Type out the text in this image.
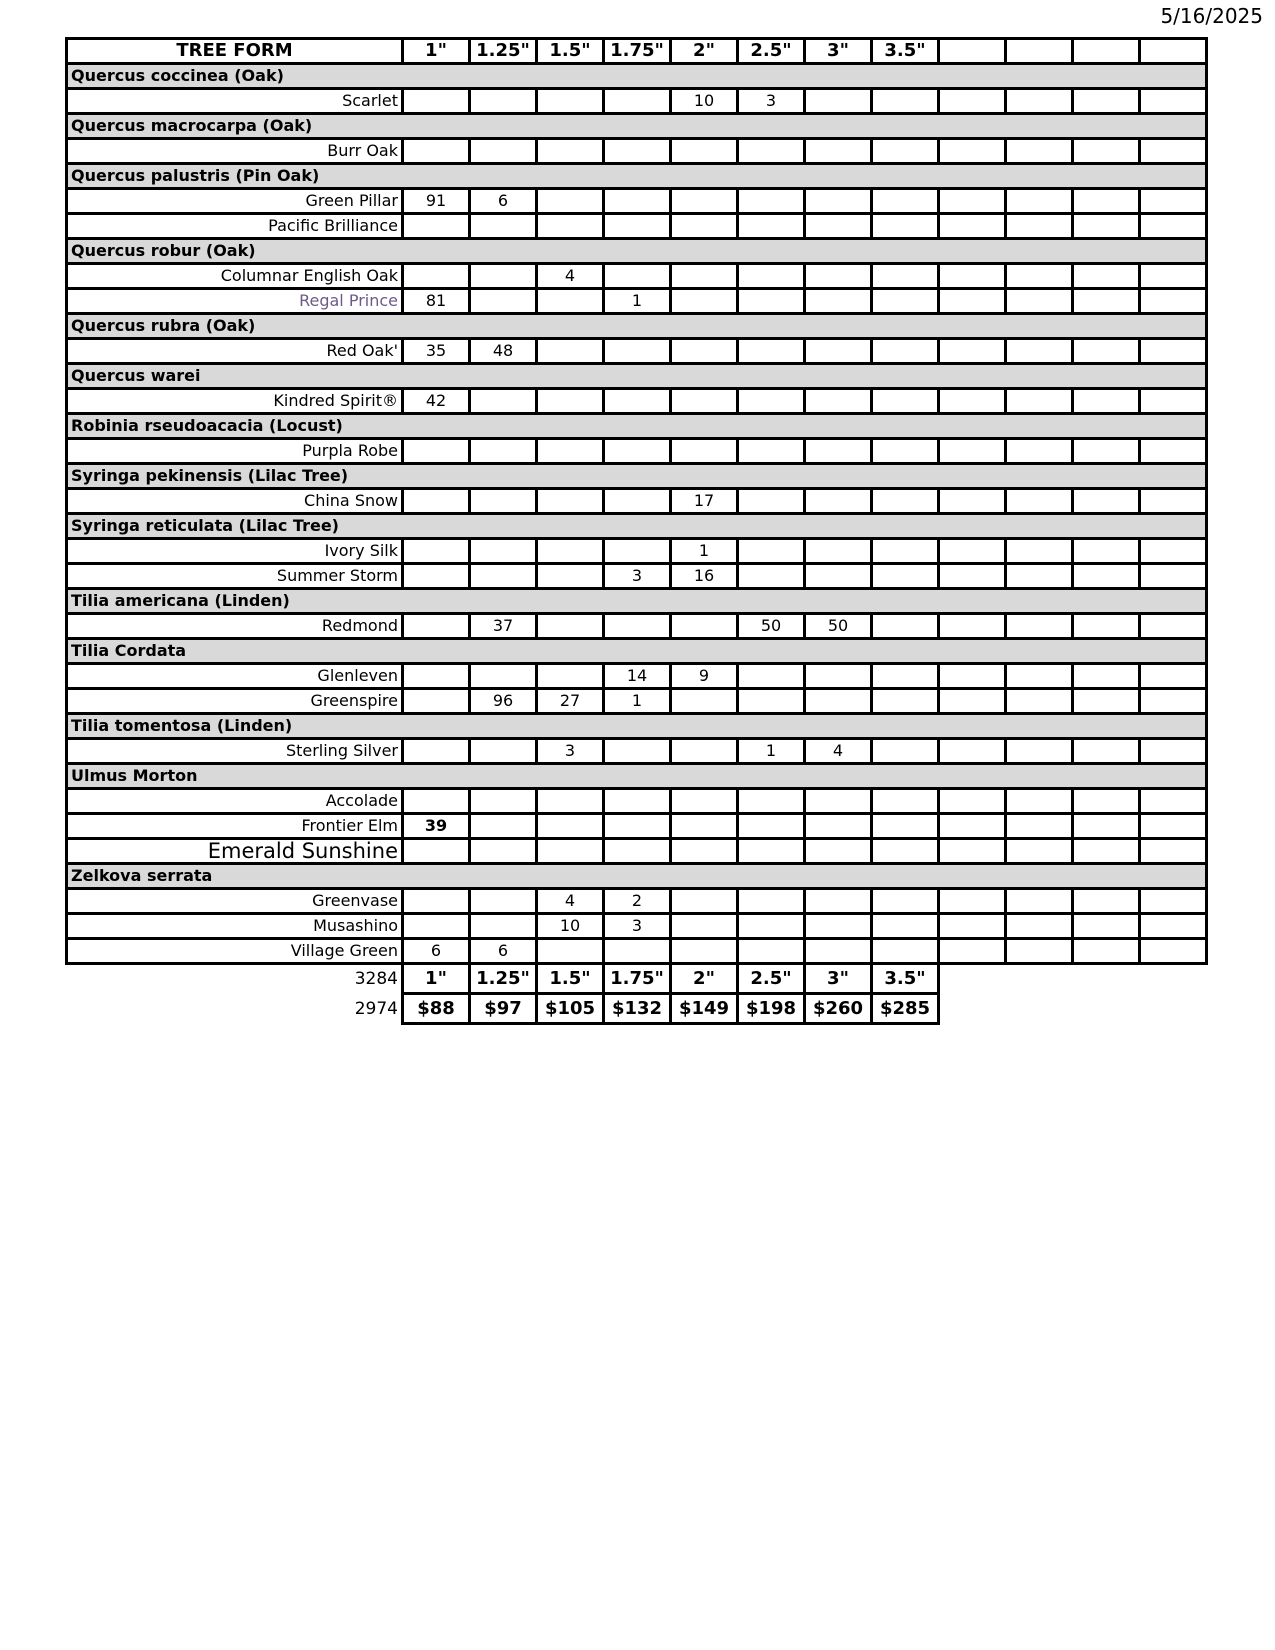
5/16/2025
TREE FORM	1"	1.25"	1.5"	1.75"	2"	2.5"	3"	3.5"				
Quercus coccinea (Oak)												
Scarlet					10	3						
Quercus macrocarpa (Oak)												
Burr Oak												
Quercus palustris (Pin Oak)												
Green Pillar	91	6										
Pacific Brilliance												
Quercus robur (Oak)												
Columnar English Oak			4									
Regal Prince	81			1								
Quercus rubra (Oak)												
Red Oak'	35	48										
Quercus warei												
Kindred Spirit®	42											
Robinia rseudoacacia (Locust)												
Purpla Robe												
Syringa pekinensis (Lilac Tree)												
China Snow					17							
Syringa reticulata (Lilac Tree)												
Ivory Silk					1							
Summer Storm				3	16							
Tilia americana (Linden)												
Redmond		37				50	50					
Tilia Cordata												
Glenleven				14	9							
Greenspire		96	27	1								
Tilia tomentosa (Linden)												
Sterling Silver			3			1	4					
Ulmus Morton												
Accolade												
Frontier Elm	39											
Emerald Sunshine												
Zelkova serrata												
Greenvase			4	2								
Musashino			10	3								
Village Green	6	6										
3284	1"	1.25"	1.5"	1.75"	2"	2.5"	3"	3.5"				
2974	$88	$97	$105	$132	$149	$198	$260	$285				
